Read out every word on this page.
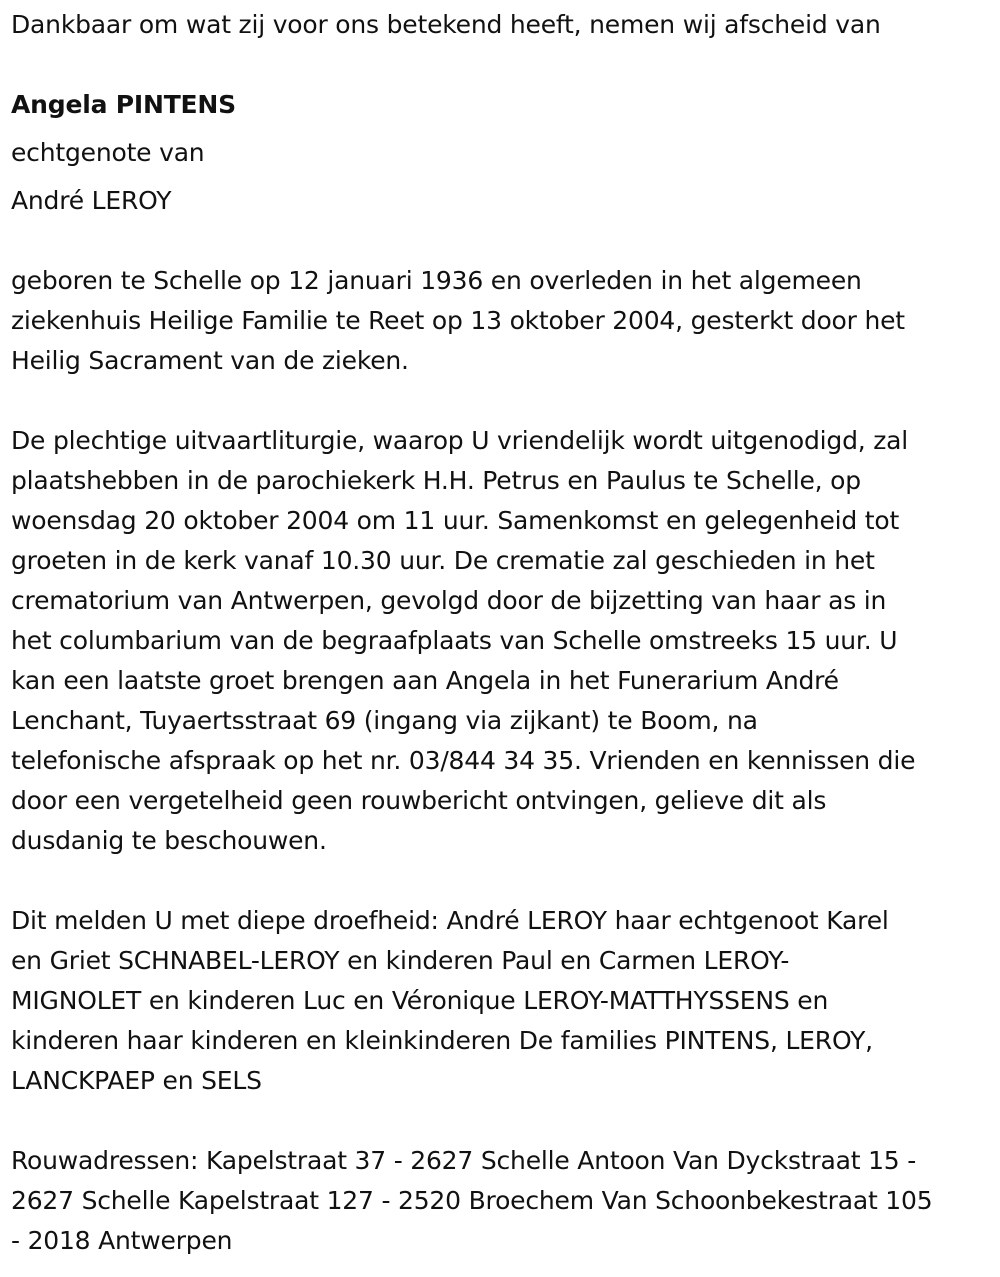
Dankbaar om wat zij voor ons betekend heeft, nemen wij afscheid van

Angela PINTENS

echtgenote van

André LEROY

geboren te Schelle op 12 januari 1936 en overleden in het algemeen

ziekenhuis Heilige Familie te Reet op 13 oktober 2004, gesterkt door het

Heilig Sacrament van de zieken.

De plechtige uitvaartliturgie, waarop U vriendelijk wordt uitgenodigd, zal

plaatshebben in de parochiekerk H.H. Petrus en Paulus te Schelle, op

woensdag 20 oktober 2004 om 11 uur. Samenkomst en gelegenheid tot

groeten in de kerk vanaf 10.30 uur. De crematie zal geschieden in het

crematorium van Antwerpen, gevolgd door de bijzetting van haar as in

het columbarium van de begraafplaats van Schelle omstreeks 15 uur. U

kan een laatste groet brengen aan Angela in het Funerarium André

Lenchant, Tuyaertsstraat 69 (ingang via zijkant) te Boom, na

telefonische afspraak op het nr. 03/844 34 35. Vrienden en kennissen die

door een vergetelheid geen rouwbericht ontvingen, gelieve dit als

dusdanig te beschouwen.

Dit melden U met diepe droefheid: André LEROY haar echtgenoot Karel

en Griet SCHNABEL-LEROY en kinderen Paul en Carmen LEROY-

MIGNOLET en kinderen Luc en Véronique LEROY-MATTHYSSENS en

kinderen haar kinderen en kleinkinderen De families PINTENS, LEROY,

LANCKPAEP en SELS

Rouwadressen: Kapelstraat 37 - 2627 Schelle Antoon Van Dyckstraat 15 -

2627 Schelle Kapelstraat 127 - 2520 Broechem Van Schoonbekestraat 105

- 2018 Antwerpen
